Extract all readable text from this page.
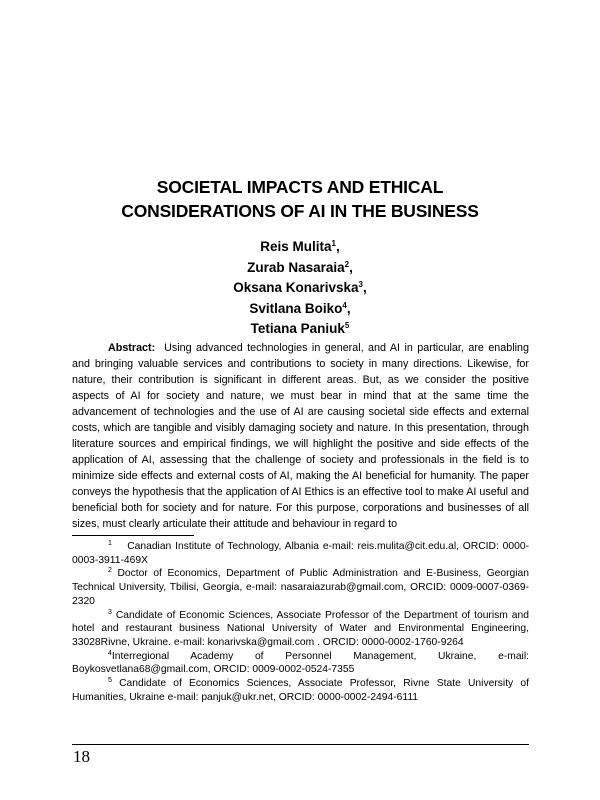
SOCIETAL IMPACTS AND ETHICAL
CONSIDERATIONS OF AI IN THE BUSINESS
Reis Mulita$^1$,
Zurab Nasaraia$^2$,
Oksana Konarivska$^3$,
Svitlana Boiko$^4$,
Tetiana Paniuk$^5$

Abstract: Using advanced technologies in general, and AI in particular, are enabling and bringing valuable services and contributions to society in many directions. Likewise, for nature, their contribution is significant in different areas. But, as we consider the positive aspects of AI for society and nature, we must bear in mind that at the same time the advancement of technologies and the use of AI are causing societal side effects and external costs, which are tangible and visibly damaging society and nature. In this presentation, through literature sources and empirical findings, we will highlight the positive and side effects of the application of AI, assessing that the challenge of society and professionals in the field is to minimize side effects and external costs of AI, making the AI beneficial for humanity. The paper conveys the hypothesis that the application of AI Ethics is an effective tool to make AI useful and beneficial both for society and for nature. For this purpose, corporations and businesses of all sizes, must clearly articulate their attitude and behaviour in regard to

$^1$ Canadian Institute of Technology, Albania e-mail: reis.mulita@cit.edu.al, ORCID: 0000-0003-3911-469X

$^2$ Doctor of Economics, Department of Public Administration and E-Business, Georgian Technical University, Tbilisi, Georgia, e-mail: nasaraiazurab@gmail.com, ORCID: 0009-0007-0369-2320

$^3$ Candidate of Economic Sciences, Associate Professor of the Department of tourism and hotel and restaurant business National University of Water and Environmental Engineering, 33028Rivne, Ukraine. e-mail: konarivska@gmail.com . ORCID: 0000-0002-1760-9264

$^4$Interregional Academy of Personnel Management, Ukraine, e-mail: Boykosvetlana68@gmail.com, ORCID: 0009-0002-0524-7355

$^5$ Candidate of Economics Sciences, Associate Professor, Rivne State University of Humanities, Ukraine e-mail: panjuk@ukr.net, ORCID: 0000-0002-2494-6111

18
